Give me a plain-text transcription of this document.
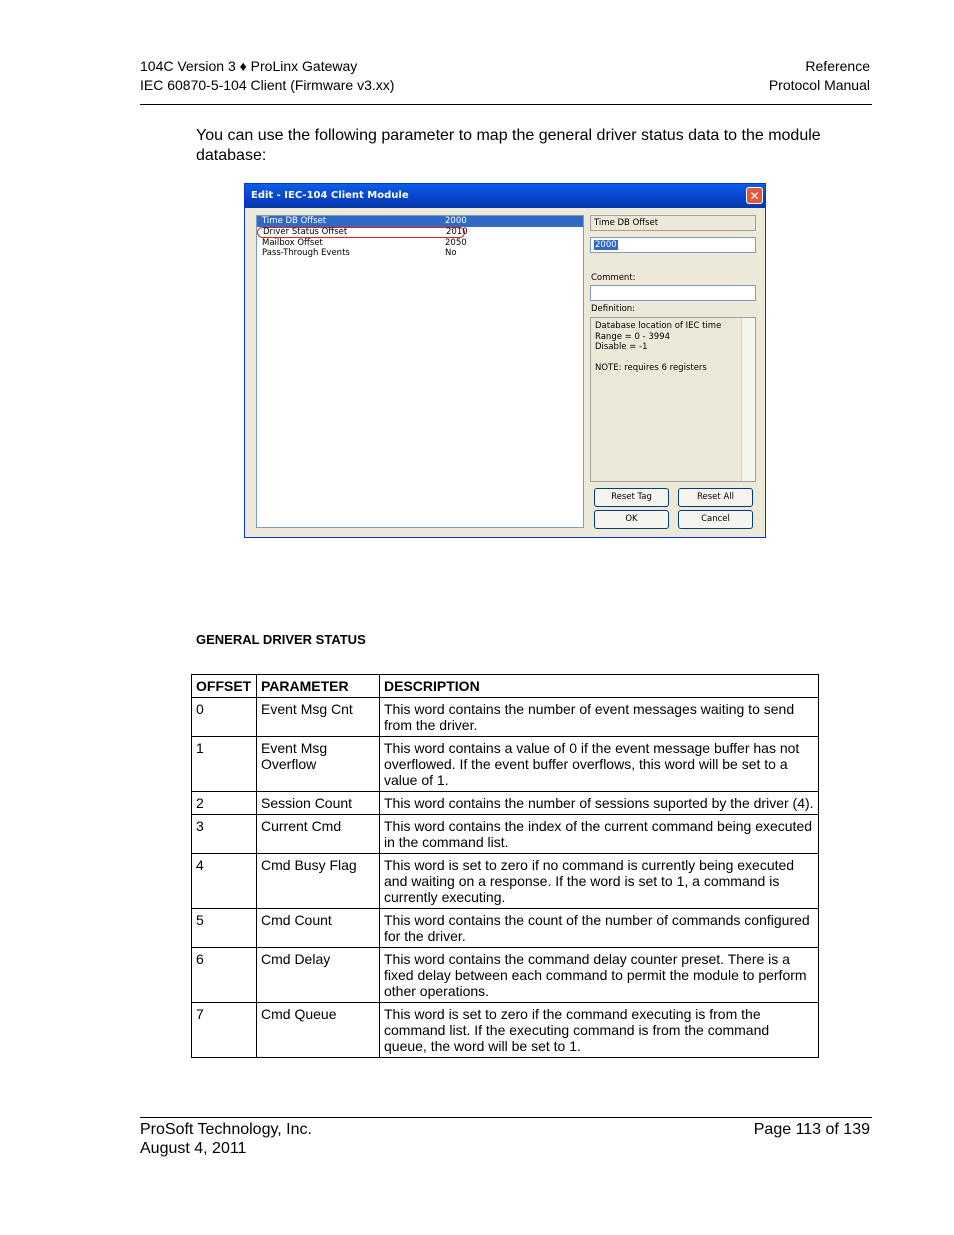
104C Version 3 ♦ ProLinx Gateway
IEC 60870-5-104 Client (Firmware v3.xx)
Reference
Protocol Manual
You can use the following parameter to map the general driver status data to the module database:
Edit - IEC-104 Client Module	✕
Time DB Offset	2000
Driver Status Offset	2010
Mailbox Offset	2050
Pass-Through Events	No
Time DB Offset
2000
Comment:
Definition:
Database location of IEC time
Range = 0 - 3994
Disable = -1
NOTE: requires 6 registers
Reset Tag	Reset All
OK	Cancel
GENERAL DRIVER STATUS
OFFSET	PARAMETER	DESCRIPTION
0	Event Msg Cnt	This word contains the number of event messages waiting to send from the driver.
1	Event Msg Overflow	This word contains a value of 0 if the event message buffer has not overflowed. If the event buffer overflows, this word will be set to a value of 1.
2	Session Count	This word contains the number of sessions suported by the driver (4).
3	Current Cmd	This word contains the index of the current command being executed in the command list.
4	Cmd Busy Flag	This word is set to zero if no command is currently being executed and waiting on a response. If the word is set to 1, a command is currently executing.
5	Cmd Count	This word contains the count of the number of commands configured for the driver.
6	Cmd Delay	This word contains the command delay counter preset. There is a fixed delay between each command to permit the module to perform other operations.
7	Cmd Queue	This word is set to zero if the command executing is from the command list. If the executing command is from the command queue, the word will be set to 1.
ProSoft Technology, Inc.
August 4, 2011
Page 113 of 139
